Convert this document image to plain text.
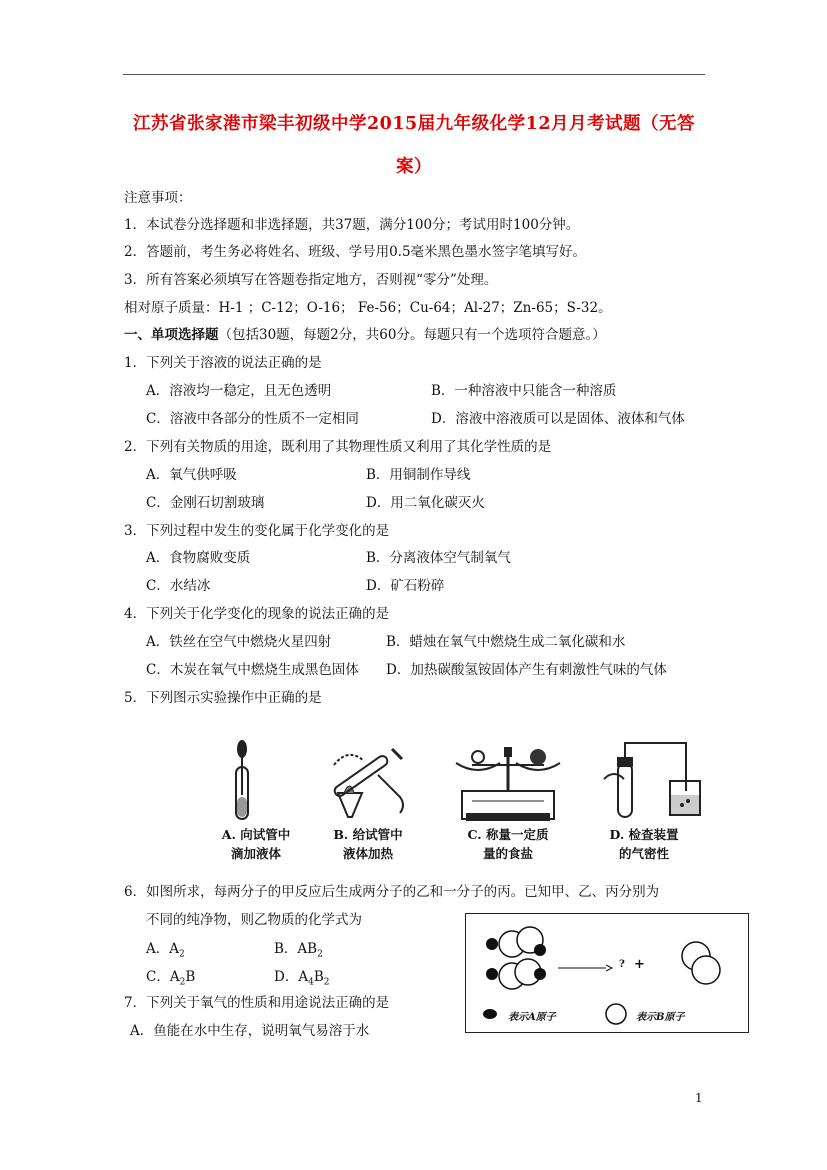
江苏省张家港市梁丰初级中学2015届九年级化学12月月考试题（无答
案）
注意事项：
1．本试卷分选择题和非选择题，共37题，满分100分；考试用时100分钟。
2．答题前，考生务必将姓名、班级、学号用0.5毫米黑色墨水签字笔填写好。
3．所有答案必须填写在答题卷指定地方，否则视“零分”处理。
相对原子质量：H-1 ；C-12；O-16； Fe-56；Cu-64；Al-27；Zn-65；S-32。
一、单项选择题（包括30题，每题2分，共60分。每题只有一个选项符合题意。）
1．下列关于溶液的说法正确的是
A．溶液均一稳定，且无色透明	B．一种溶液中只能含一种溶质
C．溶液中各部分的性质不一定相同	D．溶液中溶液质可以是固体、液体和气体
2．下列有关物质的用途，既利用了其物理性质又利用了其化学性质的是
A．氧气供呼吸	B．用铜制作导线
C．金刚石切割玻璃	D．用二氧化碳灭火
3．下列过程中发生的变化属于化学变化的是
A．食物腐败变质	B．分离液体空气制氧气
C．水结冰	D．矿石粉碎
4．下列关于化学变化的现象的说法正确的是
A．铁丝在空气中燃烧火星四射	B．蜡烛在氧气中燃烧生成二氧化碳和水
C．木炭在氧气中燃烧生成黑色固体 D．加热碳酸氢铵固体产生有刺激性气味的气体
5．下列图示实验操作中正确的是
A. 向试管中
滴加液体
B. 给试管中
液体加热
C. 称量一定质
量的食盐
D. 检查装置
的气密性
6．如图所求，每两分子的甲反应后生成两分子的乙和一分子的丙。已知甲、乙、丙分别为
不同的纯净物，则乙物质的化学式为
A．$A_2$	B．$AB_2$
C．$A_2B$	D．$A_4B_2$
? +
表示A原子	表示B原子
7．下列关于氧气的性质和用途说法正确的是
A．鱼能在水中生存，说明氧气易溶于水
1
